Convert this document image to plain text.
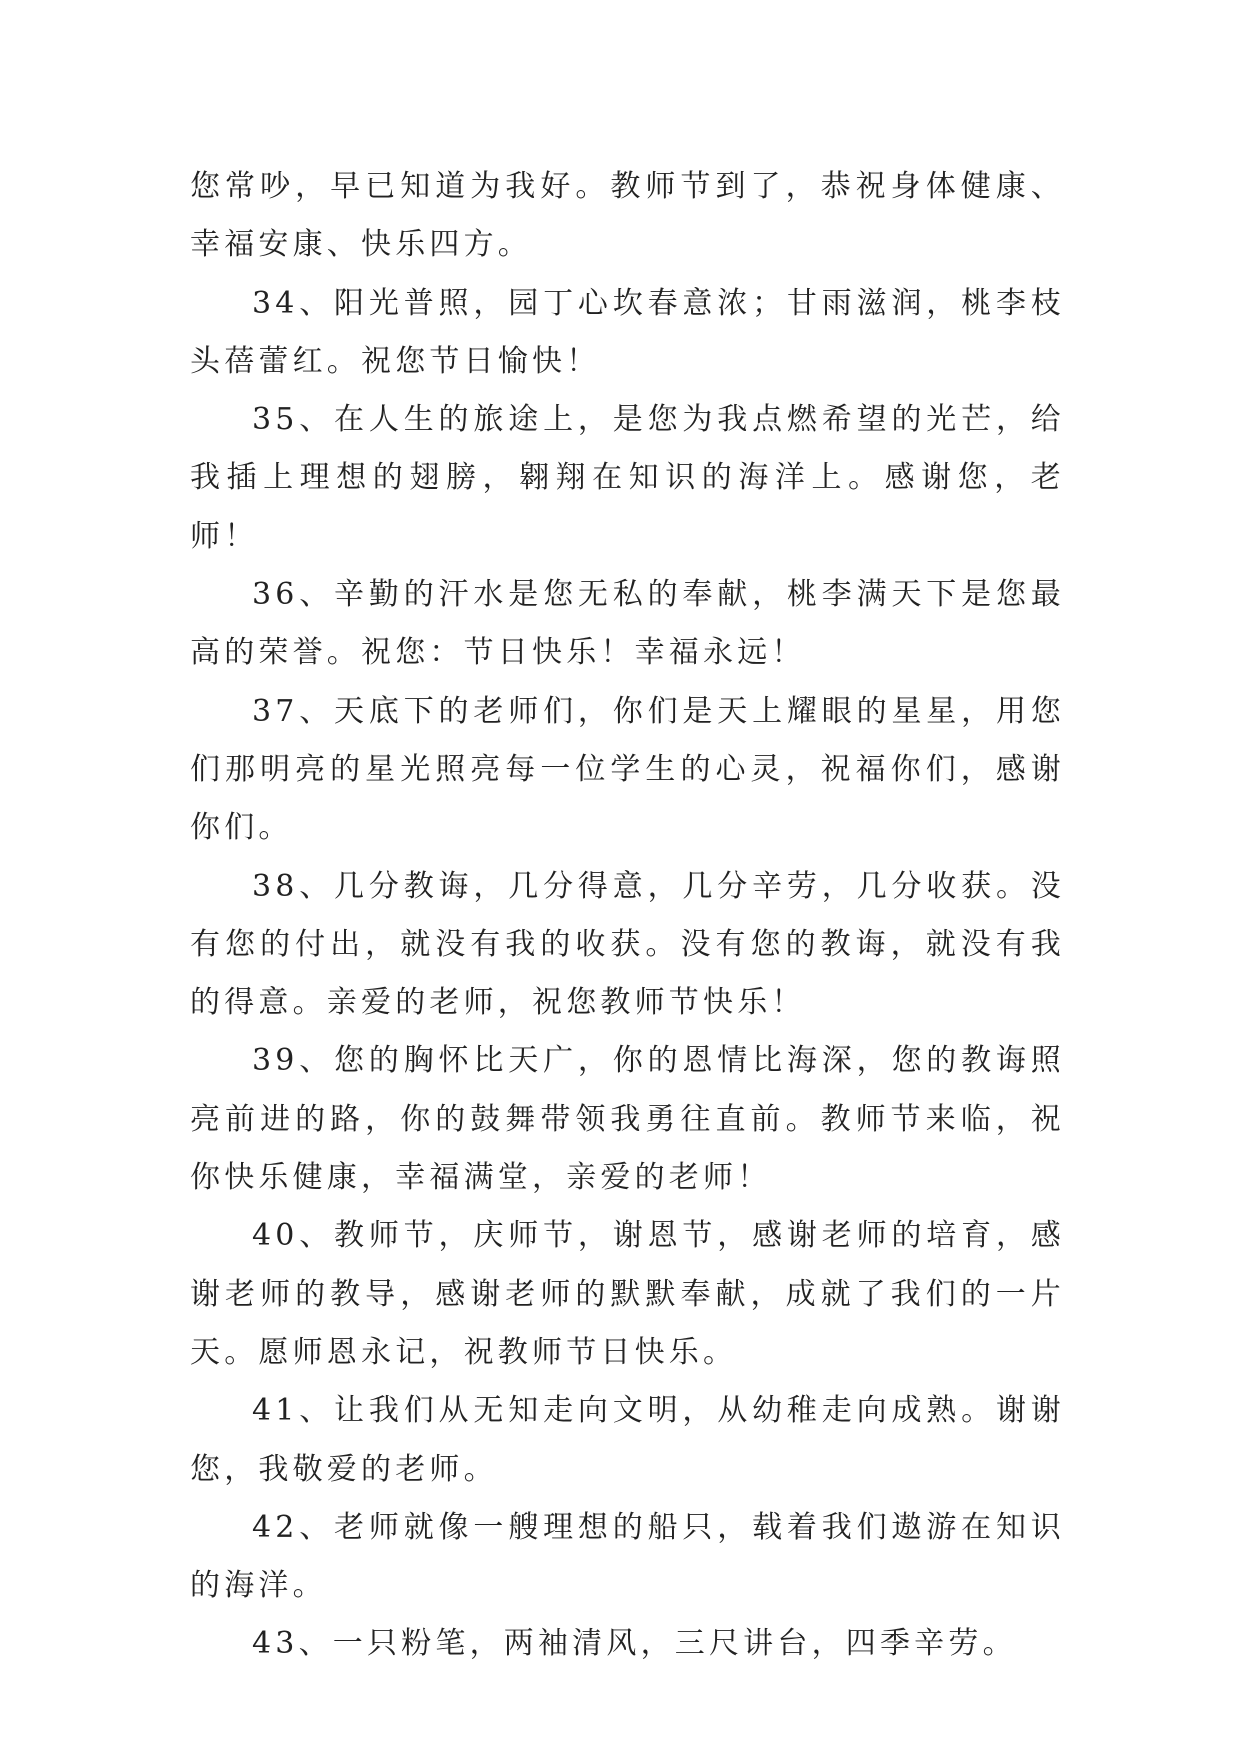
您常吵，早已知道为我好。教师节到了，恭祝身体健康、幸福安康、快乐四方。

34、阳光普照，园丁心坎春意浓；甘雨滋润，桃李枝头蓓蕾红。祝您节日愉快！

35、在人生的旅途上，是您为我点燃希望的光芒，给我插上理想的翅膀，翱翔在知识的海洋上。感谢您，老师！

36、辛勤的汗水是您无私的奉献，桃李满天下是您最高的荣誉。祝您：节日快乐！幸福永远！

37、天底下的老师们，你们是天上耀眼的星星，用您们那明亮的星光照亮每一位学生的心灵，祝福你们，感谢你们。

38、几分教诲，几分得意，几分辛劳，几分收获。没有您的付出，就没有我的收获。没有您的教诲，就没有我的得意。亲爱的老师，祝您教师节快乐！

39、您的胸怀比天广，你的恩情比海深，您的教诲照亮前进的路，你的鼓舞带领我勇往直前。教师节来临，祝你快乐健康，幸福满堂，亲爱的老师！

40、教师节，庆师节，谢恩节，感谢老师的培育，感谢老师的教导，感谢老师的默默奉献，成就了我们的一片天。愿师恩永记，祝教师节日快乐。

41、让我们从无知走向文明，从幼稚走向成熟。谢谢您，我敬爱的老师。

42、老师就像一艘理想的船只，载着我们遨游在知识的海洋。

43、一只粉笔，两袖清风，三尺讲台，四季辛劳。
